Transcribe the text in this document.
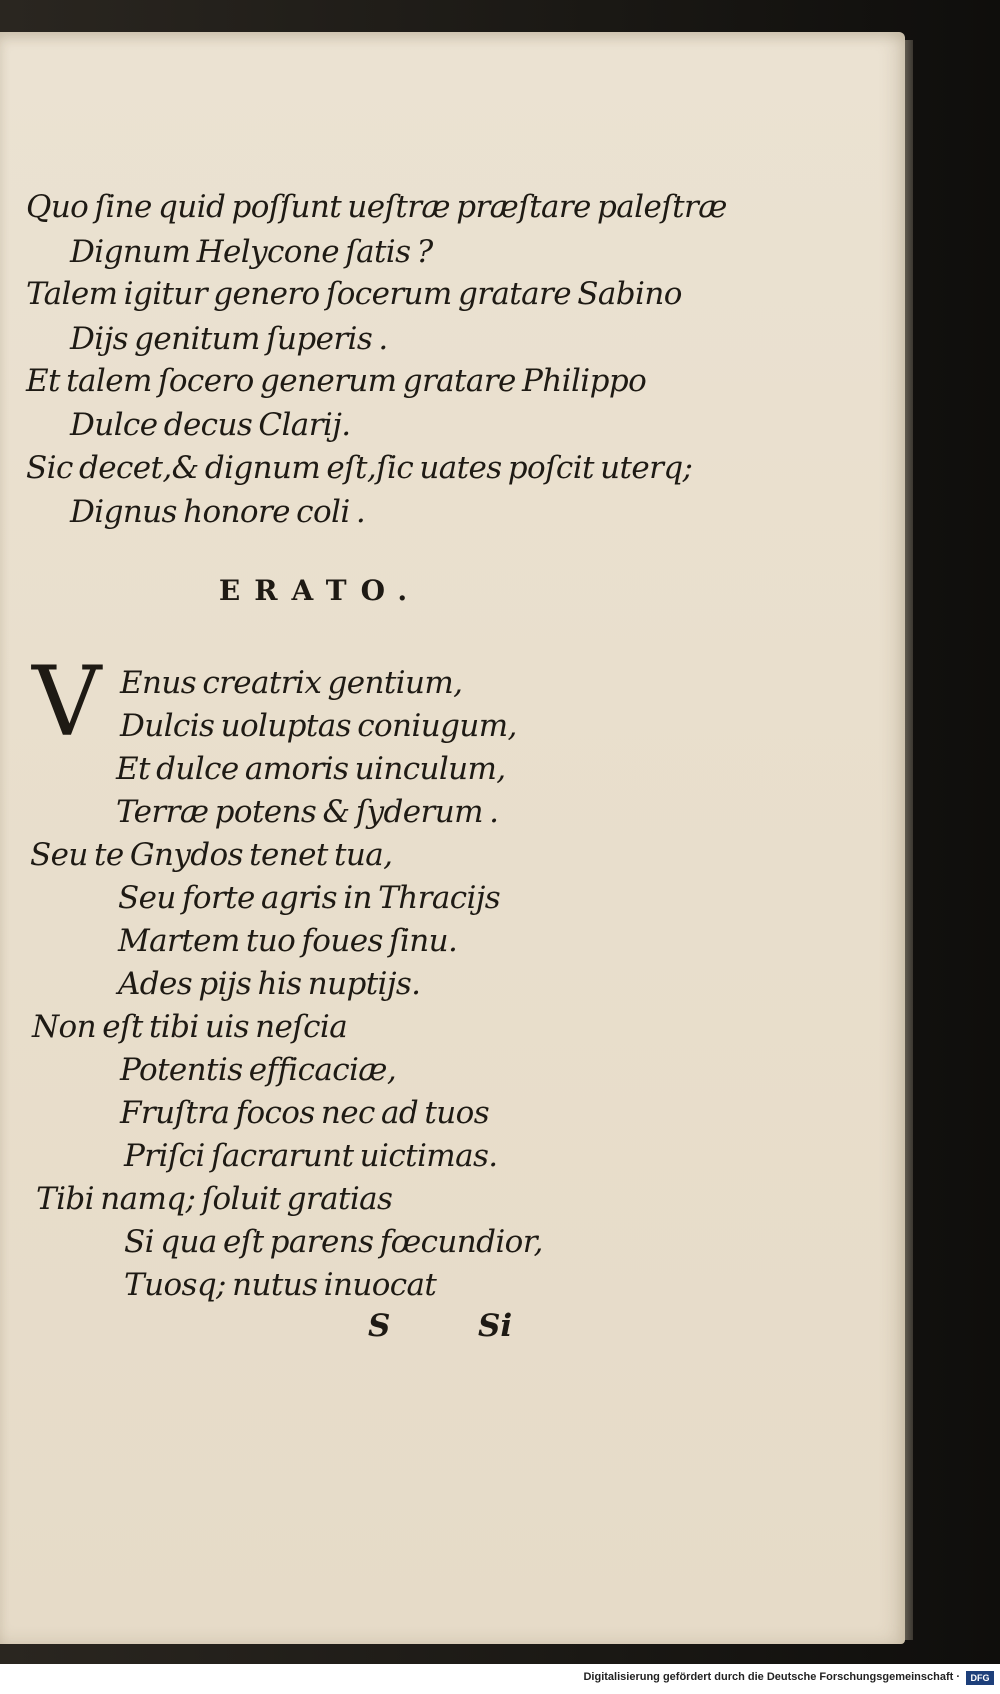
Quo ſine quid poſſunt ueſtræ præſtare paleſtræ
Dignum Helycone ſatis ?
Talem igitur genero ſocerum gratare Sabino
Dijs genitum ſuperis .
Et talem ſocero generum gratare Philippo
Dulce decus Clarij.
Sic decet,& dignum eſt,ſic uates poſcit uterq;
Dignus honore coli .
ERATO.
V Enus creatrix gentium,
Dulcis uoluptas coniugum,
Et dulce amoris uinculum,
Terræ potens & ſyderum .
Seu te Gnydos tenet tua,
Seu forte agris in Thracijs
Martem tuo foues ſinu.
Ades pijs his nuptijs.
Non eſt tibi uis neſcia
Potentis efficaciæ,
Fruſtra focos nec ad tuos
Priſci ſacrarunt uictimas.
Tibi namq; ſoluit gratias
Si qua eſt parens fœcundior,
Tuosq; nutus inuocat
S	Si
Digitalisierung gefördert durch die Deutsche Forschungsgemeinschaft ·	DFG
